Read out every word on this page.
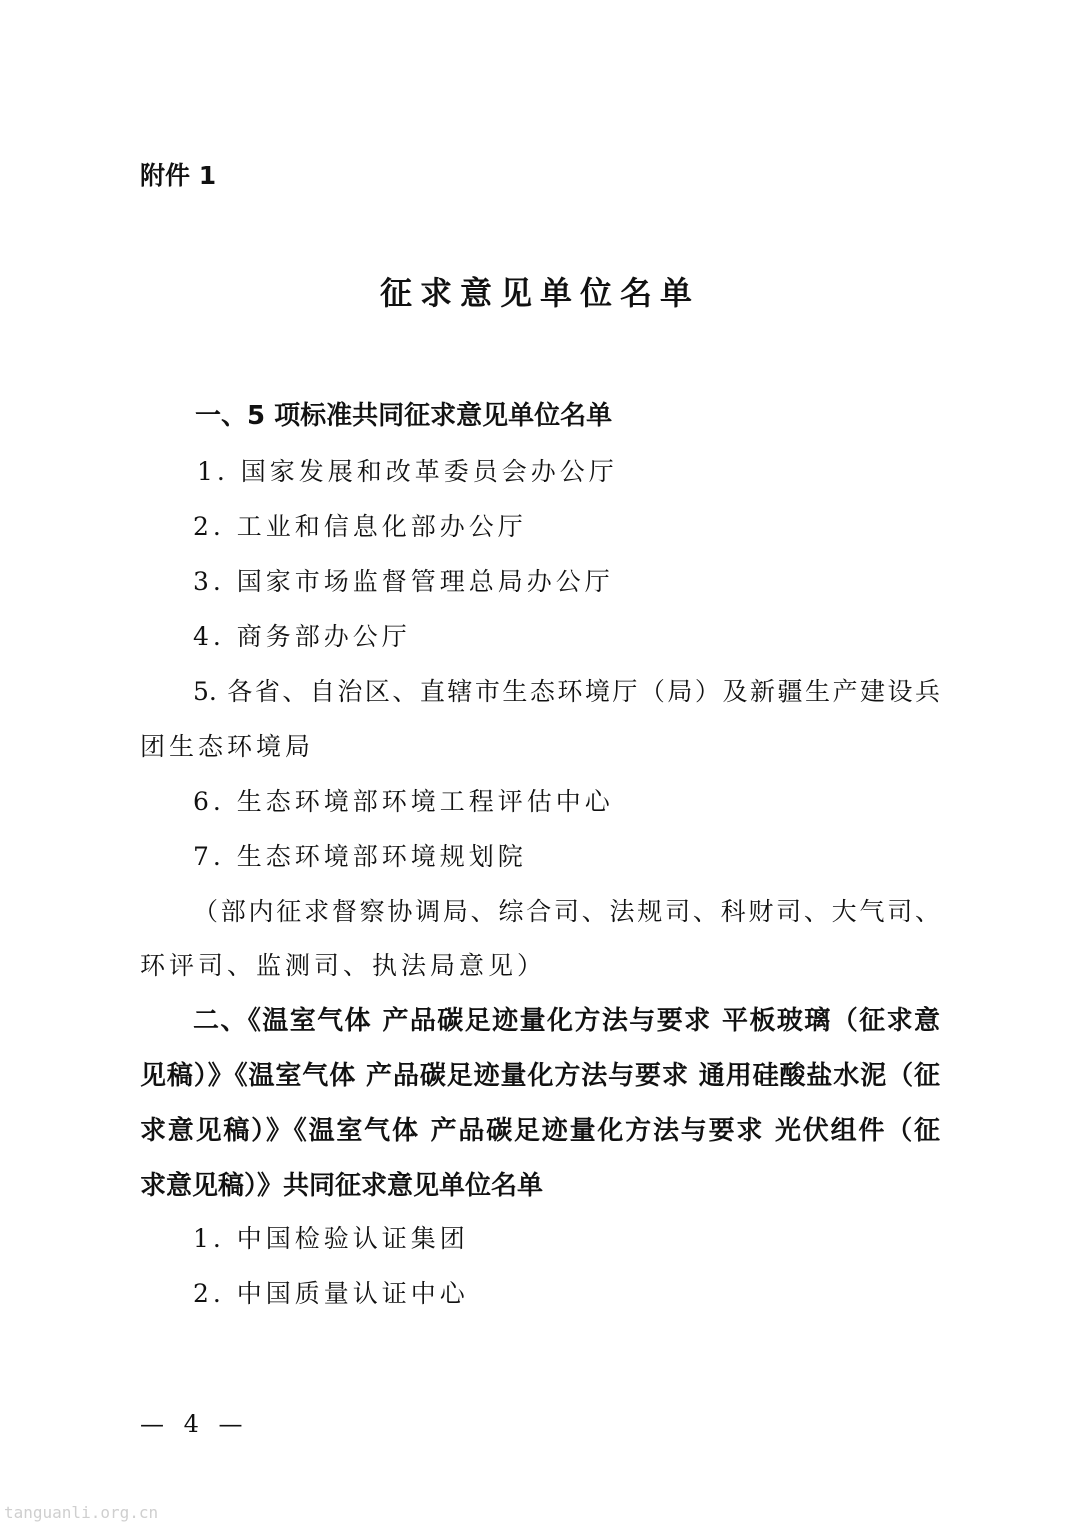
附件 1
征求意见单位名单
一、5 项标准共同征求意见单位名单
1. 国家发展和改革委员会办公厅
2. 工业和信息化部办公厅
3. 国家市场监督管理总局办公厅
4. 商务部办公厅
5. 各省、自治区、直辖市生态环境厅（局）及新疆生产建设兵
团生态环境局
6. 生态环境部环境工程评估中心
7. 生态环境部环境规划院
（部内征求督察协调局、综合司、法规司、科财司、大气司、
环评司、监测司、执法局意见）
二、《温室气体 产品碳足迹量化方法与要求 平板玻璃（征求意
见稿）》《温室气体 产品碳足迹量化方法与要求 通用硅酸盐水泥（征
求意见稿）》《温室气体 产品碳足迹量化方法与要求 光伏组件（征
求意见稿）》共同征求意见单位名单
1. 中国检验认证集团
2. 中国质量认证中心
— 4 —
tanguanli.org.cn
